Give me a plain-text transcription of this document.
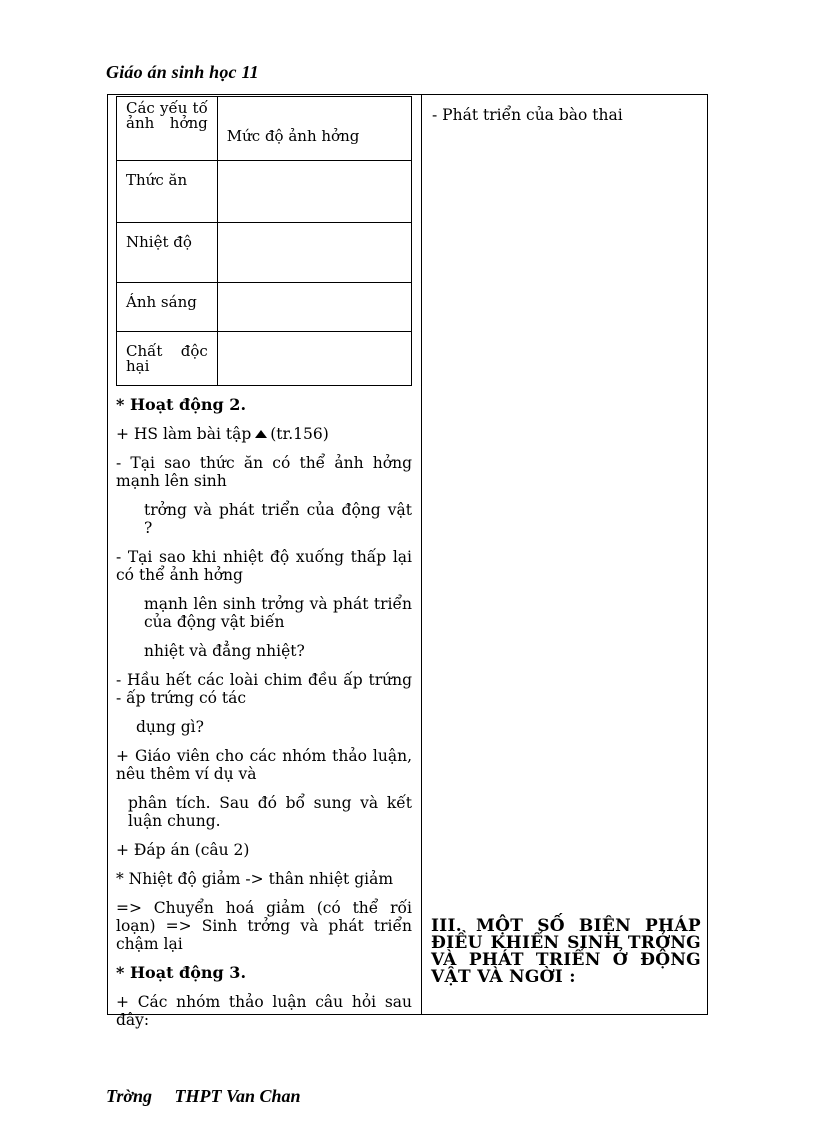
Giáo án sinh học 11
Các yếu tố ảnh hởng	Mức độ ảnh hởng
Thức ăn	
Nhiệt độ	
Ánh sáng	
Chất độc hại	

* Hoạt động 2.

+ HS làm bài tập (tr.156)

- Tại sao thức ăn có thể ảnh hởng mạnh lên sinh

trởng và phát triển của động vật ?

- Tại sao khi nhiệt độ xuống thấp lại có thể ảnh hởng

mạnh lên sinh trởng và phát triển của động vật biến

nhiệt và đẳng nhiệt?

- Hầu hết các loài chim đều ấp trứng - ấp trứng có tác

dụng gì?

+ Giáo viên cho các nhóm thảo luận, nêu thêm ví dụ và

phân tích. Sau đó bổ sung và kết luận chung.

+ Đáp án (câu 2)

* Nhiệt độ giảm -> thân nhiệt giảm

=> Chuyển hoá giảm (có thể rối loạn) => Sinh trởng và phát triển chậm lại

* Hoạt động 3.

+ Các nhóm thảo luận câu hỏi sau đây:

- Phát triển của bào thai
III. MỘT SỐ BIỆN PHÁP ĐIỀU KHIỂN SINH TRỞNG VÀ PHÁT TRIỂN Ở ĐỘNG VẬT VÀ NGỜI :
Trờng THPT Van Chan
